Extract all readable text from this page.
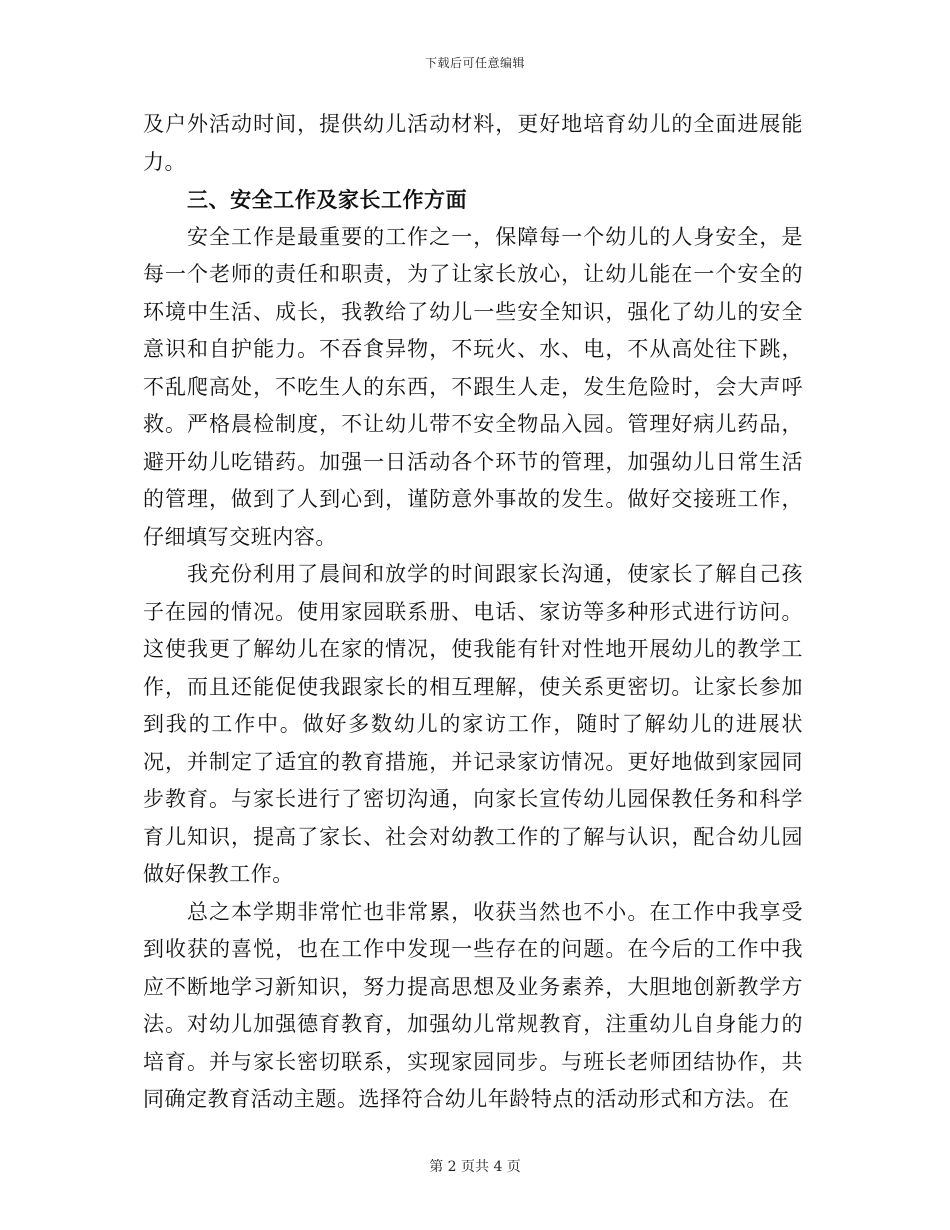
下载后可任意编辑

及户外活动时间，提供幼儿活动材料，更好地培育幼儿的全面进展能力。

三、安全工作及家长工作方面

安全工作是最重要的工作之一，保障每一个幼儿的人身安全，是每一个老师的责任和职责，为了让家长放心，让幼儿能在一个安全的环境中生活、成长，我教给了幼儿一些安全知识，强化了幼儿的安全意识和自护能力。不吞食异物，不玩火、水、电，不从高处往下跳，不乱爬高处，不吃生人的东西，不跟生人走，发生危险时，会大声呼救。严格晨检制度，不让幼儿带不安全物品入园。管理好病儿药品，避开幼儿吃错药。加强一日活动各个环节的管理，加强幼儿日常生活的管理，做到了人到心到，谨防意外事故的发生。做好交接班工作，仔细填写交班内容。

我充份利用了晨间和放学的时间跟家长沟通，使家长了解自己孩子在园的情况。使用家园联系册、电话、家访等多种形式进行访问。这使我更了解幼儿在家的情况，使我能有针对性地开展幼儿的教学工作，而且还能促使我跟家长的相互理解，使关系更密切。让家长参加到我的工作中。做好多数幼儿的家访工作，随时了解幼儿的进展状况，并制定了适宜的教育措施，并记录家访情况。更好地做到家园同步教育。与家长进行了密切沟通，向家长宣传幼儿园保教任务和科学育儿知识，提高了家长、社会对幼教工作的了解与认识，配合幼儿园做好保教工作。

总之本学期非常忙也非常累，收获当然也不小。在工作中我享受到收获的喜悦，也在工作中发现一些存在的问题。在今后的工作中我应不断地学习新知识，努力提高思想及业务素养，大胆地创新教学方法。对幼儿加强德育教育，加强幼儿常规教育，注重幼儿自身能力的培育。并与家长密切联系，实现家园同步。与班长老师团结协作，共同确定教育活动主题。选择符合幼儿年龄特点的活动形式和方法。在

第 2 页共 4 页
